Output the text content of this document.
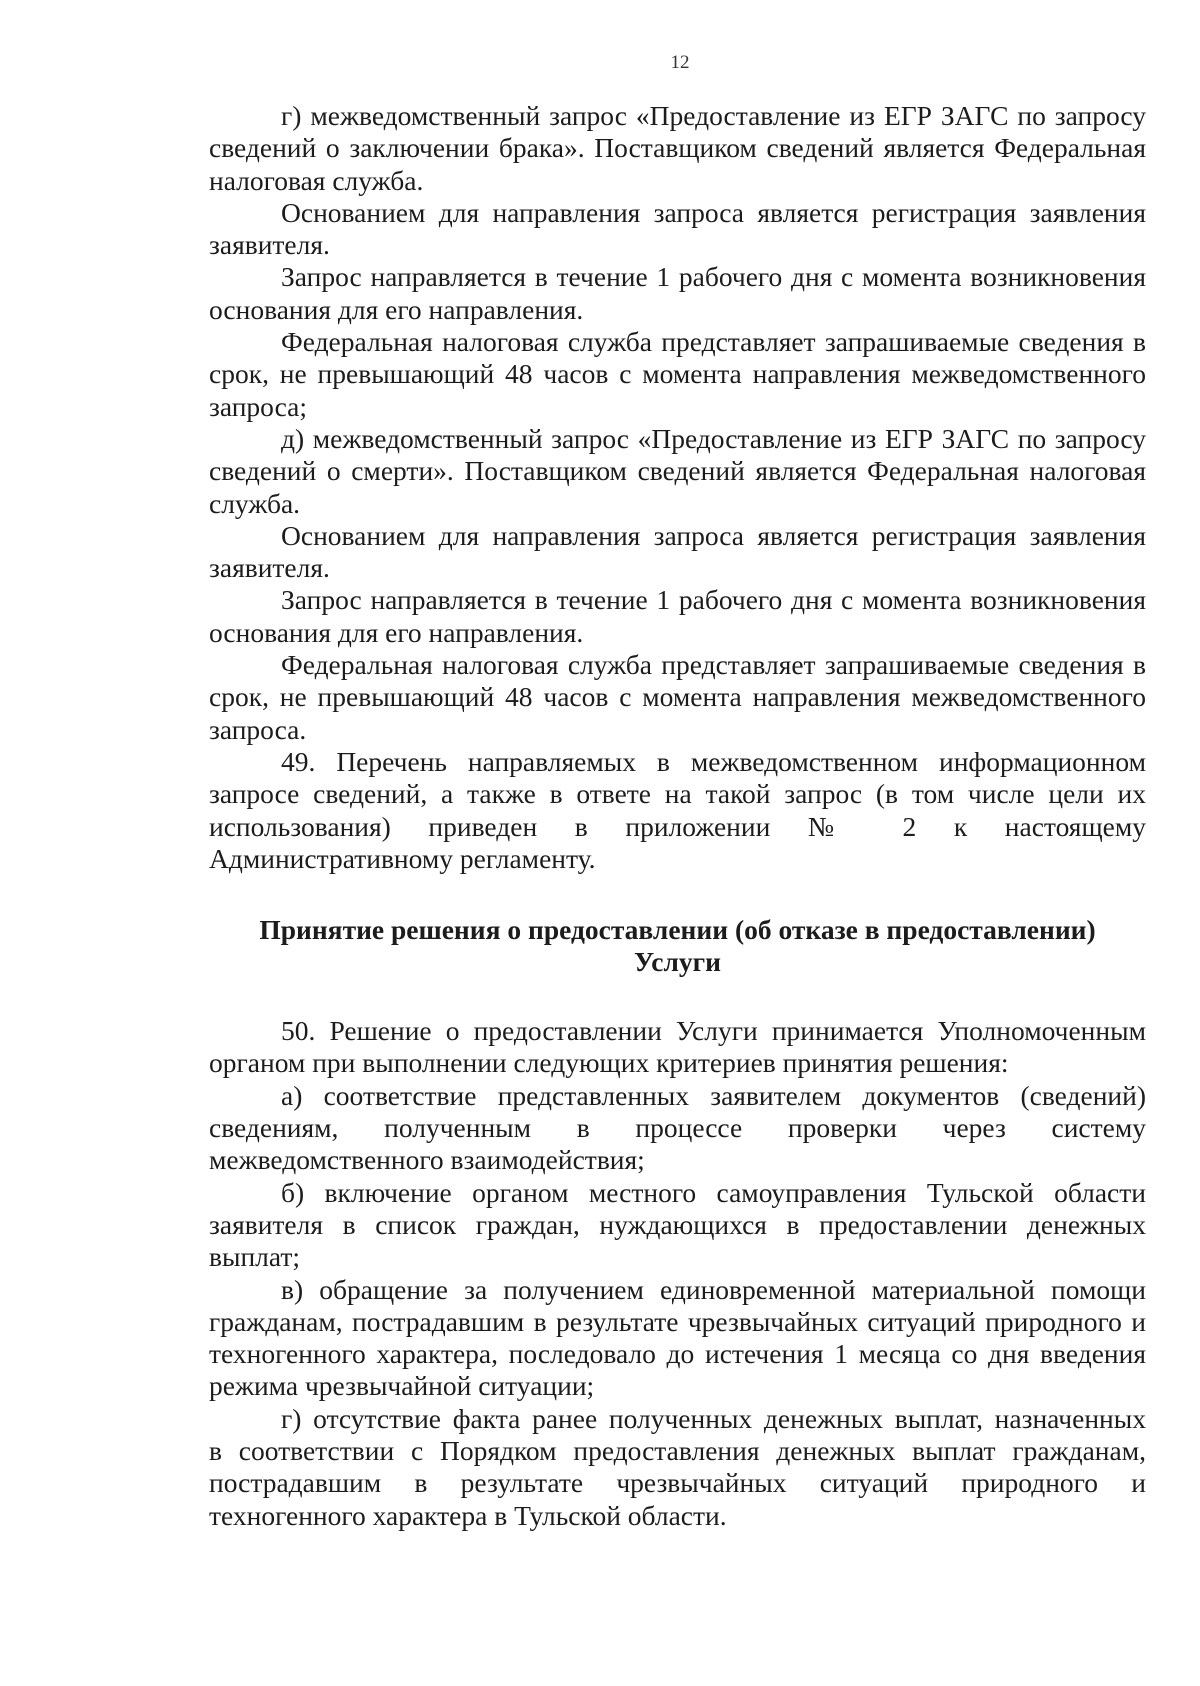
12
г) межведомственный запрос «Предоставление из ЕГР ЗАГС по запросу
сведений о заключении брака». Поставщиком сведений является Федеральная
налоговая служба.
Основанием для направления запроса является регистрация заявления
заявителя.
Запрос направляется в течение 1 рабочего дня с момента возникновения
основания для его направления.
Федеральная налоговая служба представляет запрашиваемые сведения в
срок, не превышающий 48 часов с момента направления межведомственного
запроса;
д) межведомственный запрос «Предоставление из ЕГР ЗАГС по запросу
сведений о смерти». Поставщиком сведений является Федеральная налоговая
служба.
Основанием для направления запроса является регистрация заявления
заявителя.
Запрос направляется в течение 1 рабочего дня с момента возникновения
основания для его направления.
Федеральная налоговая служба представляет запрашиваемые сведения в
срок, не превышающий 48 часов с момента направления межведомственного
запроса.
49. Перечень направляемых в межведомственном информационном
запросе сведений, а также в ответе на такой запрос (в том числе цели их
использования) приведен в приложении № 2 к настоящему
Административному регламенту.
Принятие решения о предоставлении (об отказе в предоставлении)
Услуги
50. Решение о предоставлении Услуги принимается Уполномоченным
органом при выполнении следующих критериев принятия решения:
а) соответствие представленных заявителем документов (сведений)
сведениям, полученным в процессе проверки через систему
межведомственного взаимодействия;
б) включение органом местного самоуправления Тульской области
заявителя в список граждан, нуждающихся в предоставлении денежных
выплат;
в) обращение за получением единовременной материальной помощи
гражданам, пострадавшим в результате чрезвычайных ситуаций природного и
техногенного характера, последовало до истечения 1 месяца со дня введения
режима чрезвычайной ситуации;
г) отсутствие факта ранее полученных денежных выплат, назначенных
в соответствии с Порядком предоставления денежных выплат гражданам,
пострадавшим в результате чрезвычайных ситуаций природного и
техногенного характера в Тульской области.
